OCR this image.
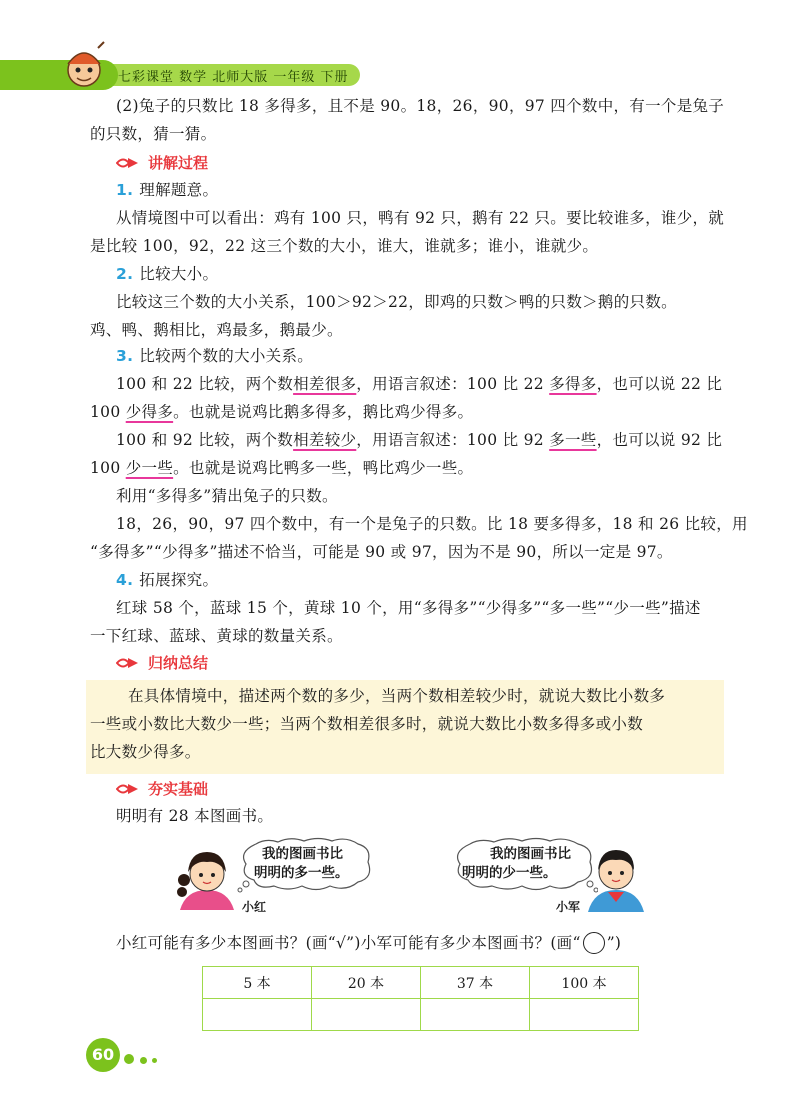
七彩课堂 数学 北师大版 一年级 下册
(2)兔子的只数比 18 多得多，且不是 90。18，26，90，97 四个数中，有一个是兔子
的只数，猜一猜。
讲解过程
1. 理解题意。
从情境图中可以看出：鸡有 100 只，鸭有 92 只，鹅有 22 只。要比较谁多，谁少，就
是比较 100，92，22 这三个数的大小，谁大，谁就多；谁小，谁就少。
2. 比较大小。
比较这三个数的大小关系，100＞92＞22，即鸡的只数＞鸭的只数＞鹅的只数。
鸡、鸭、鹅相比，鸡最多，鹅最少。
3. 比较两个数的大小关系。
100 和 22 比较，两个数相差很多，用语言叙述：100 比 22 多得多，也可以说 22 比
100 少得多。也就是说鸡比鹅多得多，鹅比鸡少得多。
100 和 92 比较，两个数相差较少，用语言叙述：100 比 92 多一些，也可以说 92 比
100 少一些。也就是说鸡比鸭多一些，鸭比鸡少一些。
利用“多得多”猜出兔子的只数。
18，26，90，97 四个数中，有一个是兔子的只数。比 18 要多得多，18 和 26 比较，用
“多得多”“少得多”描述不恰当，可能是 90 或 97，因为不是 90，所以一定是 97。
4. 拓展探究。
红球 58 个，蓝球 15 个，黄球 10 个，用“多得多”“少得多”“多一些”“少一些”描述
一下红球、蓝球、黄球的数量关系。
归纳总结
在具体情境中，描述两个数的多少，当两个数相差较少时，就说大数比小数多
一些或小数比大数少一些；当两个数相差很多时，就说大数比小数多得多或小数
比大数少得多。
夯实基础
明明有 28 本图画书。
我的图画书比
明明的多一些。
小红
我的图画书比
明明的少一些。
小军
小红可能有多少本图画书？(画“√”)小军可能有多少本图画书？(画“ ”)
5 本	20 本	37 本	100 本

60
